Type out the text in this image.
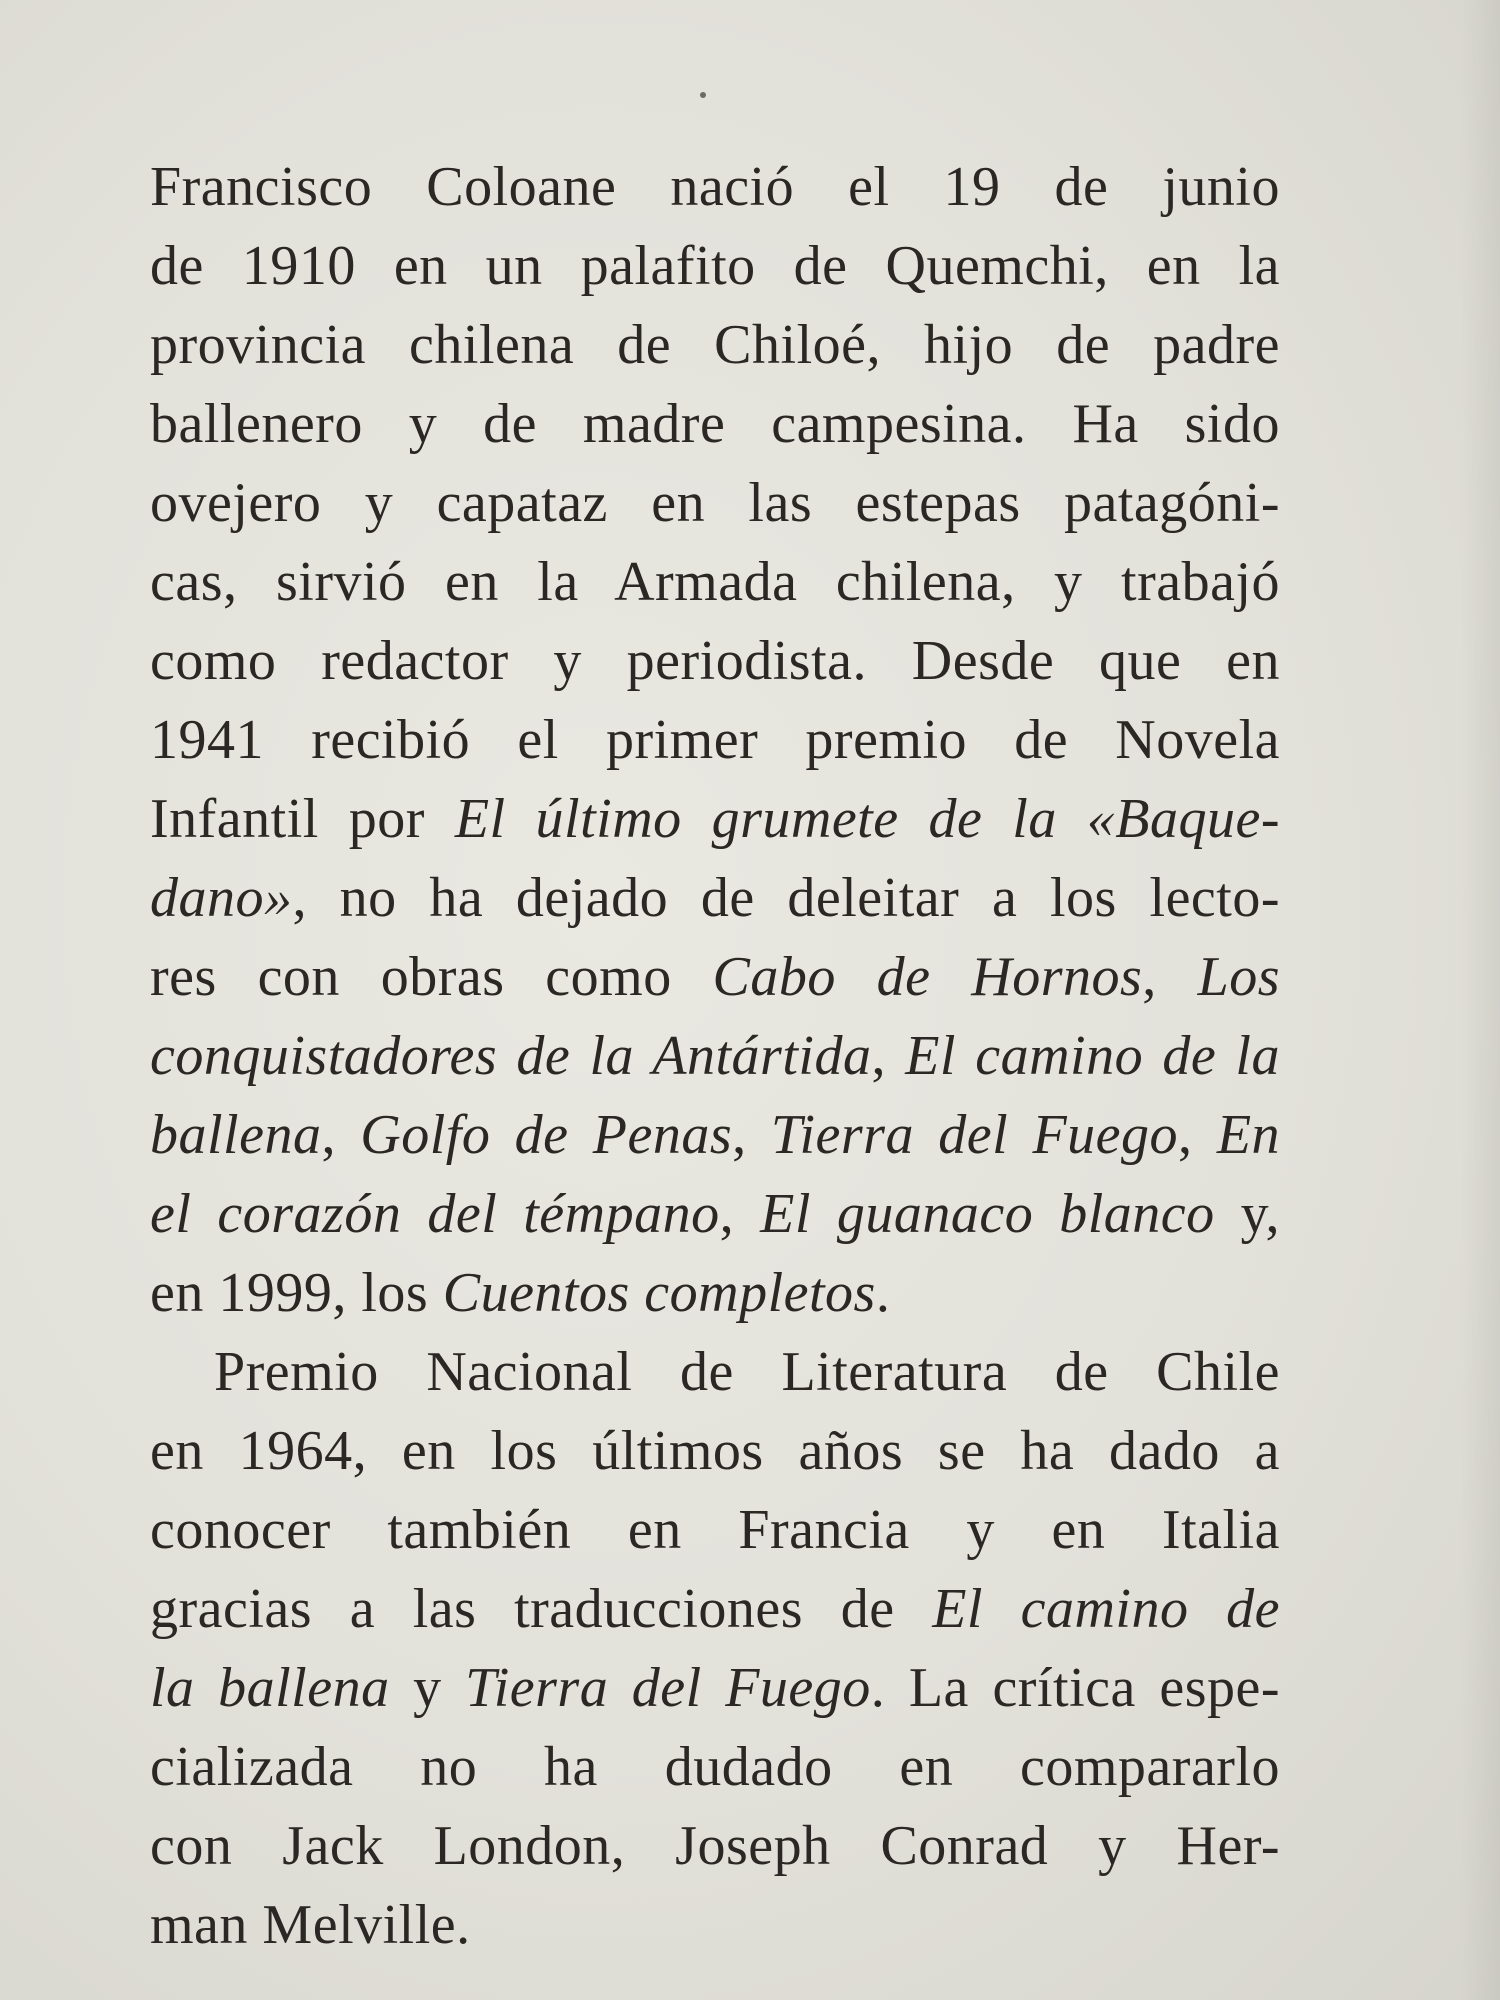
Francisco Coloane nació el 19 de junio
de 1910 en un palafito de Quemchi, en la
provincia chilena de Chiloé, hijo de padre
ballenero y de madre campesina. Ha sido
ovejero y capataz en las estepas patagóni-
cas, sirvió en la Armada chilena, y trabajó
como redactor y periodista. Desde que en
1941 recibió el primer premio de Novela
Infantil por El último grumete de la «Baque-
dano», no ha dejado de deleitar a los lecto-
res con obras como Cabo de Hornos, Los
conquistadores de la Antártida, El camino de la
ballena, Golfo de Penas, Tierra del Fuego, En
el corazón del témpano, El guanaco blanco y,
en 1999, los Cuentos completos.
Premio Nacional de Literatura de Chile
en 1964, en los últimos años se ha dado a
conocer también en Francia y en Italia
gracias a las traducciones de El camino de
la ballena y Tierra del Fuego. La crítica espe-
cializada no ha dudado en compararlo
con Jack London, Joseph Conrad y Her-
man Melville.
